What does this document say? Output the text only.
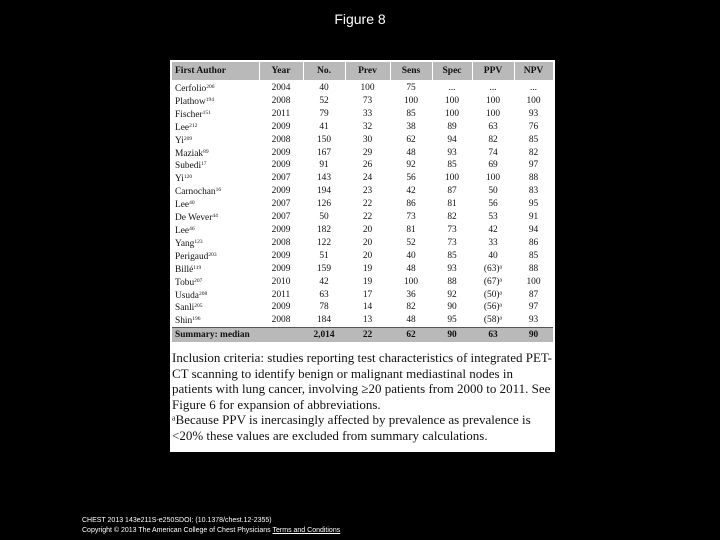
Figure 8
First Author	Year	No.	Prev	Sens	Spec	PPV	NPV
Cerfolio$^{206}$	2004	40	100	75	...	...	...
Plathow$^{194}$	2008	52	73	100	100	100	100
Fischer$^{151}$	2011	79	33	85	100	100	93
Lee$^{212}$	2009	41	32	38	89	63	76
Yi$^{209}$	2008	150	30	62	94	82	85
Maziak$^{89}$	2009	167	29	48	93	74	82
Subedi$^{17}$	2009	91	26	92	85	69	97
Yi$^{120}$	2007	143	24	56	100	100	88
Carnochan$^{16}$	2009	194	23	42	87	50	83
Lee$^{40}$	2007	126	22	86	81	56	95
De Wever$^{44}$	2007	50	22	73	82	53	91
Lee$^{46}$	2009	182	20	81	73	42	94
Yang$^{123}$	2008	122	20	52	73	33	86
Perigaud$^{203}$	2009	51	20	40	85	40	85
Billé$^{119}$	2009	159	19	48	93	(63)ᵃ	88
Tobu$^{207}$	2010	42	19	100	88	(67)ᵃ	100
Usuda$^{208}$	2011	63	17	36	92	(50)ᵃ	87
Sanli$^{205}$	2009	78	14	82	90	(56)ᵃ	97
Shin$^{196}$	2008	184	13	48	95	(58)ᵃ	93
Summary: median		2,014	22	62	90	63	90

Inclusion criteria: studies reporting test characteristics of integrated PET-CT scanning to identify benign or malignant mediastinal nodes in patients with lung cancer, involving ≥20 patients from 2000 to 2011. See Figure 6 for expansion of abbreviations.

ᵃBecause PPV is inercasingly affected by prevalence as prevalence is <20% these values are excluded from summary calculations.

CHEST 2013 143e211S-e250SDOI: (10.1378/chest.12-2355)
Copyright © 2013 The American College of Chest Physicians Terms and Conditions
